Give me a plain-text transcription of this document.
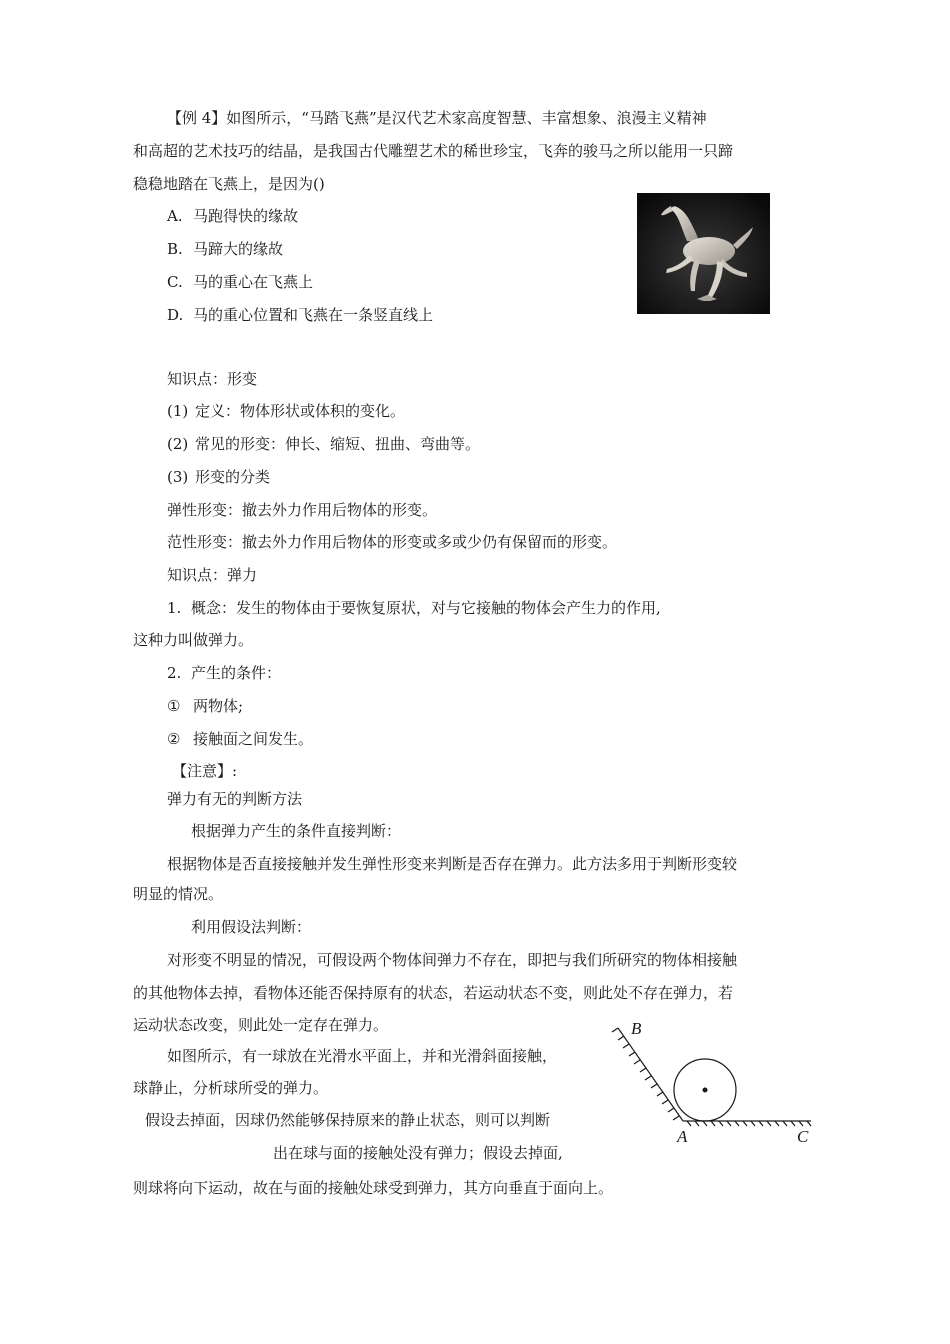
【例 4】如图所示，“马踏飞燕”是汉代艺术家高度智慧、丰富想象、浪漫主义精神
和高超的艺术技巧的结晶，是我国古代雕塑艺术的稀世珍宝，飞奔的骏马之所以能用一只蹄
稳稳地踏在飞燕上，是因为()
A. 马跑得快的缘故
B. 马蹄大的缘故
C. 马的重心在飞燕上
D. 马的重心位置和飞燕在一条竖直线上
知识点：形变
(1) 定义：物体形状或体积的变化。
(2) 常见的形变：伸长、缩短、扭曲、弯曲等。
(3) 形变的分类
弹性形变：撤去外力作用后物体的形变。
范性形变：撤去外力作用后物体的形变或多或少仍有保留而的形变。
知识点：弹力
1. 概念：发生的物体由于要恢复原状，对与它接触的物体会产生力的作用,
这种力叫做弹力。
2. 产生的条件：
① 两物体;
② 接触面之间发生。
【注意】:
弹力有无的判断方法
根据弹力产生的条件直接判断：
根据物体是否直接接触并发生弹性形变来判断是否存在弹力。此方法多用于判断形变较
明显的情况。
利用假设法判断：
对形变不明显的情况，可假设两个物体间弹力不存在，即把与我们所研究的物体相接触
的其他物体去掉，看物体还能否保持原有的状态，若运动状态不变，则此处不存在弹力，若
运动状态改变，则此处一定存在弹力。
如图所示，有一球放在光滑水平面上，并和光滑斜面接触，
球静止，分析球所受的弹力。
假设去掉面，因球仍然能够保持原来的静止状态，则可以判断
出在球与面的接触处没有弹力；假设去掉面,
则球将向下运动，故在与面的接触处球受到弹力，其方向垂直于面向上。
B
A	C
